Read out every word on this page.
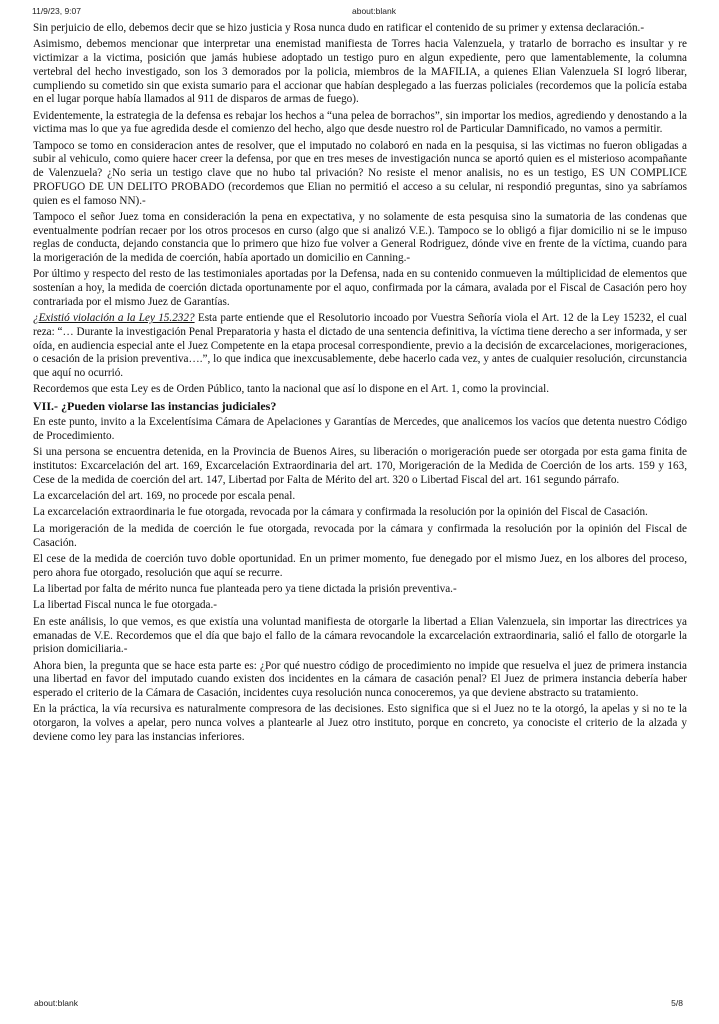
11/9/23, 9:07	about:blank

Sin perjuicio de ello, debemos decir que se hizo justicia y Rosa nunca dudo en ratificar el contenido de su primer y extensa declaración.-

Asimismo, debemos mencionar que interpretar una enemistad manifiesta de Torres hacia Valenzuela, y tratarlo de borracho es insultar y re victimizar a la victima, posición que jamás hubiese adoptado un testigo puro en algun expediente, pero que lamentablemente, la columna vertebral del hecho investigado, son los 3 demorados por la policia, miembros de la MAFILIA, a quienes Elian Valenzuela SI logró liberar, cumpliendo su cometido sin que exista sumario para el accionar que habían desplegado a las fuerzas policiales (recordemos que la policía estaba en el lugar porque había llamados al 911 de disparos de armas de fuego).

Evidentemente, la estrategia de la defensa es rebajar los hechos a “una pelea de borrachos”, sin importar los medios, agrediendo y denostando a la victima mas lo que ya fue agredida desde el comienzo del hecho, algo que desde nuestro rol de Particular Damnificado, no vamos a permitir.

Tampoco se tomo en consideracion antes de resolver, que el imputado no colaboró en nada en la pesquisa, si las victimas no fueron obligadas a subir al vehiculo, como quiere hacer creer la defensa, por que en tres meses de investigación nunca se aportó quien es el misterioso acompañante de Valenzuela? ¿No seria un testigo clave que no hubo tal privación? No resiste el menor analisis, no es un testigo, ES UN COMPLICE PROFUGO DE UN DELITO PROBADO (recordemos que Elian no permitió el acceso a su celular, ni respondió preguntas, sino ya sabríamos quien es el famoso NN).-

Tampoco el señor Juez toma en consideración la pena en expectativa, y no solamente de esta pesquisa sino la sumatoria de las condenas que eventualmente podrían recaer por los otros procesos en curso (algo que si analizó V.E.). Tampoco se lo obligó a fijar domicilio ni se le impuso reglas de conducta, dejando constancia que lo primero que hizo fue volver a General Rodriguez, dónde vive en frente de la víctima, cuando para la morigeración de la medida de coerción, había aportado un domicilio en Canning.-

Por último y respecto del resto de las testimoniales aportadas por la Defensa, nada en su contenido conmueven la múltiplicidad de elementos que sostenían a hoy, la medida de coerción dictada oportunamente por el aquo, confirmada por la cámara, avalada por el Fiscal de Casación pero hoy contrariada por el mismo Juez de Garantías.

¿Existió violación a la Ley 15.232? Esta parte entiende que el Resolutorio incoado por Vuestra Señoría viola el Art. 12 de la Ley 15232, el cual reza: “… Durante la investigación Penal Preparatoria y hasta el dictado de una sentencia definitiva, la víctima tiene derecho a ser informada, y ser oída, en audiencia especial ante el Juez Competente en la etapa procesal correspondiente, previo a la decisión de excarcelaciones, morigeraciones, o cesación de la prision preventiva….”, lo que indica que inexcusablemente, debe hacerlo cada vez, y antes de cualquier resolución, circunstancia que aquí no ocurrió.

Recordemos que esta Ley es de Orden Público, tanto la nacional que así lo dispone en el Art. 1, como la provincial.

VII.- ¿Pueden violarse las instancias judiciales?

En este punto, invito a la Excelentísima Cámara de Apelaciones y Garantías de Mercedes, que analicemos los vacíos que detenta nuestro Código de Procedimiento.

Si una persona se encuentra detenida, en la Provincia de Buenos Aires, su liberación o morigeración puede ser otorgada por esta gama finita de institutos: Excarcelación del art. 169, Excarcelación Extraordinaria del art. 170, Morigeración de la Medida de Coerción de los arts. 159 y 163, Cese de la medida de coerción del art. 147, Libertad por Falta de Mérito del art. 320 o Libertad Fiscal del art. 161 segundo párrafo.

La excarcelación del art. 169, no procede por escala penal.

La excarcelación extraordinaria le fue otorgada, revocada por la cámara y confirmada la resolución por la opinión del Fiscal de Casación.

La morigeración de la medida de coerción le fue otorgada, revocada por la cámara y confirmada la resolución por la opinión del Fiscal de Casación.

El cese de la medida de coerción tuvo doble oportunidad. En un primer momento, fue denegado por el mismo Juez, en los albores del proceso, pero ahora fue otorgado, resolución que aquí se recurre.

La libertad por falta de mérito nunca fue planteada pero ya tiene dictada la prisión preventiva.-

La libertad Fiscal nunca le fue otorgada.-

En este análisis, lo que vemos, es que existía una voluntad manifiesta de otorgarle la libertad a Elian Valenzuela, sin importar las directrices ya emanadas de V.E. Recordemos que el día que bajo el fallo de la cámara revocandole la excarcelación extraordinaria, salió el fallo de otorgarle la prision domiciliaria.-

Ahora bien, la pregunta que se hace esta parte es: ¿Por qué nuestro código de procedimiento no impide que resuelva el juez de primera instancia una libertad en favor del imputado cuando existen dos incidentes en la cámara de casación penal? El Juez de primera instancia debería haber esperado el criterio de la Cámara de Casación, incidentes cuya resolución nunca conoceremos, ya que deviene abstracto su tratamiento.

En la práctica, la vía recursiva es naturalmente compresora de las decisiones. Esto significa que si el Juez no te la otorgó, la apelas y si no te la otorgaron, la volves a apelar, pero nunca volves a plantearle al Juez otro instituto, porque en concreto, ya conociste el criterio de la alzada y deviene como ley para las instancias inferiores.

about:blank	5/8
